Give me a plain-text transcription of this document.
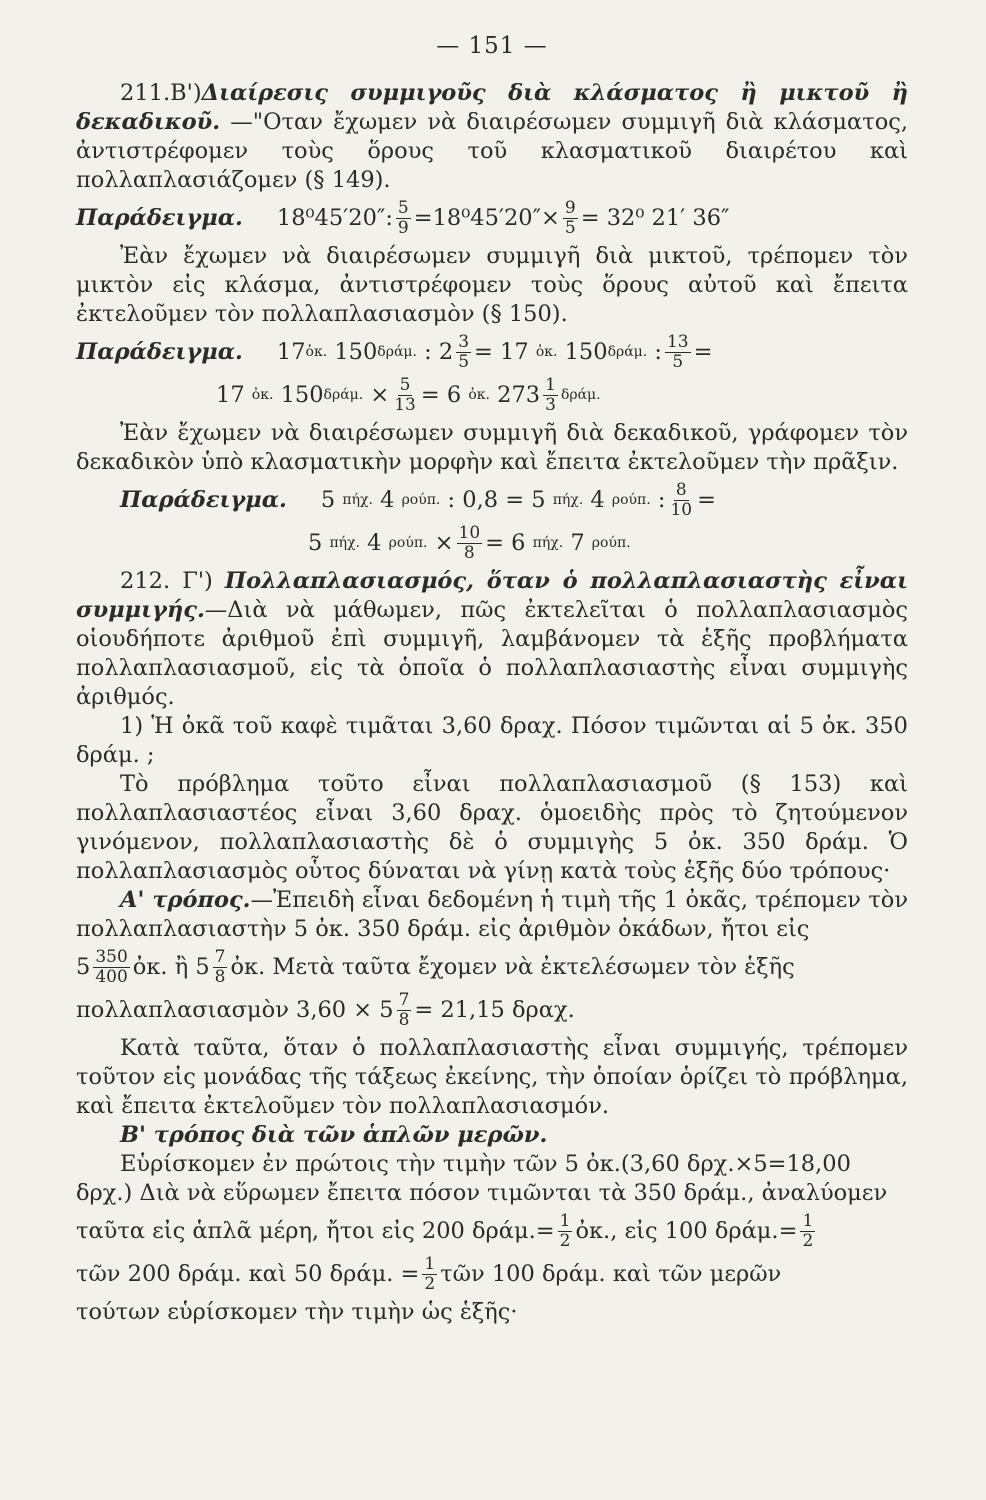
— 151 —

211.Β')Διαίρεσις συμμιγοῦς διὰ κλάσματος ἢ μικτοῦ ἢ δεκαδικοῦ. —"Οταν ἔχωμεν νὰ διαιρέσωμεν συμμιγῆ διὰ κλάσματος, ἀντιστρέφομεν τοὺς ὅρους τοῦ κλασματικοῦ διαιρέτου καὶ πολλαπλασιάζομεν (§ 149).

Παράδειγμα. 18⁰45′20″: $\frac{5}{9} =18^045'20''\times \frac{9}{5} = 32^0$ 21′ 36″

Ἐὰν ἔχωμεν νὰ διαιρέσωμεν συμμιγῆ διὰ μικτοῦ, τρέπομεν τὸν μικτὸν εἰς κλάσμα, ἀντιστρέφομεν τοὺς ὅρους αὐτοῦ καὶ ἔπειτα ἐκτελοῦμεν τὸν πολλαπλασιασμὸν (§ 150).

Παράδειγμα. 17 ὀκ.
150 δράμ.
: $2 \frac{3}{5} = 17$
ὀκ.
150 δράμ.
: $\frac{13}{5}$ =
17
ὀκ.
150 δράμ.
× $\frac{5}{13} = 6$
ὀκ.
$273 \frac{1}{3} \delta\rho ά\mu$.

Ἐὰν ἔχωμεν νὰ διαιρέσωμεν συμμιγῆ διὰ δεκαδικοῦ, γράφομεν τὸν δεκαδικὸν ὑπὸ κλασματικὴν μορφὴν καὶ ἔπειτα ἐκτελοῦμεν τὴν πρᾶξιν.

Παράδειγμα. 5
πήχ.
4
ρούπ.
: 0,8 = 5
πήχ.
4
ρούπ.
: $\frac{8}{10}$ =
5
πήχ.
4
ρούπ.
× $\frac{10}{8} = 6$
πήχ.
7
ρούπ.

212. Γ') Πολλαπλασιασμός, ὅταν ὁ πολλαπλασιαστὴς εἶναι συμμιγής.—Διὰ νὰ μάθωμεν, πῶς ἐκτελεῖται ὁ πολλαπλασιασμὸς οἱουδήποτε ἀριθμοῦ ἐπὶ συμμιγῆ, λαμβάνομεν τὰ ἑξῆς προβλήματα πολλαπλασιασμοῦ, εἰς τὰ ὁποῖα ὁ πολλαπλασιαστὴς εἶναι συμμιγὴς ἀριθμός.

1) Ἡ ὀκᾶ τοῦ καφὲ τιμᾶται 3,60 δραχ. Πόσον τιμῶνται αἱ 5 ὀκ. 350 δράμ. ;

Τὸ πρόβλημα τοῦτο εἶναι πολλαπλασιασμοῦ (§ 153) καὶ πολλαπλασιαστέος εἶναι 3,60 δραχ. ὁμοειδὴς πρὸς τὸ ζητούμενον γινόμενον, πολλαπλασιαστὴς δὲ ὁ συμμιγὴς 5 ὀκ. 350 δράμ. Ὁ πολλαπλασιασμὸς οὗτος δύναται νὰ γίνῃ κατὰ τοὺς ἑξῆς δύο τρόπους·

Α' τρόπος.—Ἐπειδὴ εἶναι δεδομένη ἡ τιμὴ τῆς 1 ὀκᾶς, τρέπομεν τὸν πολλαπλασιαστὴν 5 ὀκ. 350 δράμ. εἰς ἀριθμὸν ὀκάδων, ἤτοι εἰς

$5 \frac{350}{400}$ ὀκ. ἢ $5 \frac{7}{8}$ ὀκ. Μετὰ ταῦτα ἔχομεν νὰ ἐκτελέσωμεν τὸν ἑξῆς
πολλαπλασιασμὸν $3,60 \times 5 \frac{7}{8} = 21,15$ δραχ.

Κατὰ ταῦτα, ὅταν ὁ πολλαπλασιαστὴς εἶναι συμμιγής, τρέπομεν τοῦτον εἰς μονάδας τῆς τάξεως ἐκείνης, τὴν ὁποίαν ὁρίζει τὸ πρόβλημα, καὶ ἔπειτα ἐκτελοῦμεν τὸν πολλαπλασιασμόν.

Β' τρόπος διὰ τῶν ἁπλῶν μερῶν.

Εὑρίσκομεν ἐν πρώτοις τὴν τιμὴν τῶν 5 ὀκ.(3,60 δρχ.×5=18,00

δρχ.) Διὰ νὰ εὕρωμεν ἔπειτα πόσον τιμῶνται τὰ 350 δράμ., ἀναλύομεν

ταῦτα εἰς ἁπλᾶ μέρη, ἤτοι εἰς 200 $\delta\rho ά\mu.= \frac{1}{2}$ ὀκ., εἰς 100 $\delta\rho ά\mu.= \frac{1}{2}$
τῶν 200 δράμ. καὶ 50 δράμ. = $\frac{1}{2}$ τῶν 100 δράμ. καὶ τῶν μερῶν

τούτων εὑρίσκομεν τὴν τιμὴν ὡς ἑξῆς·
